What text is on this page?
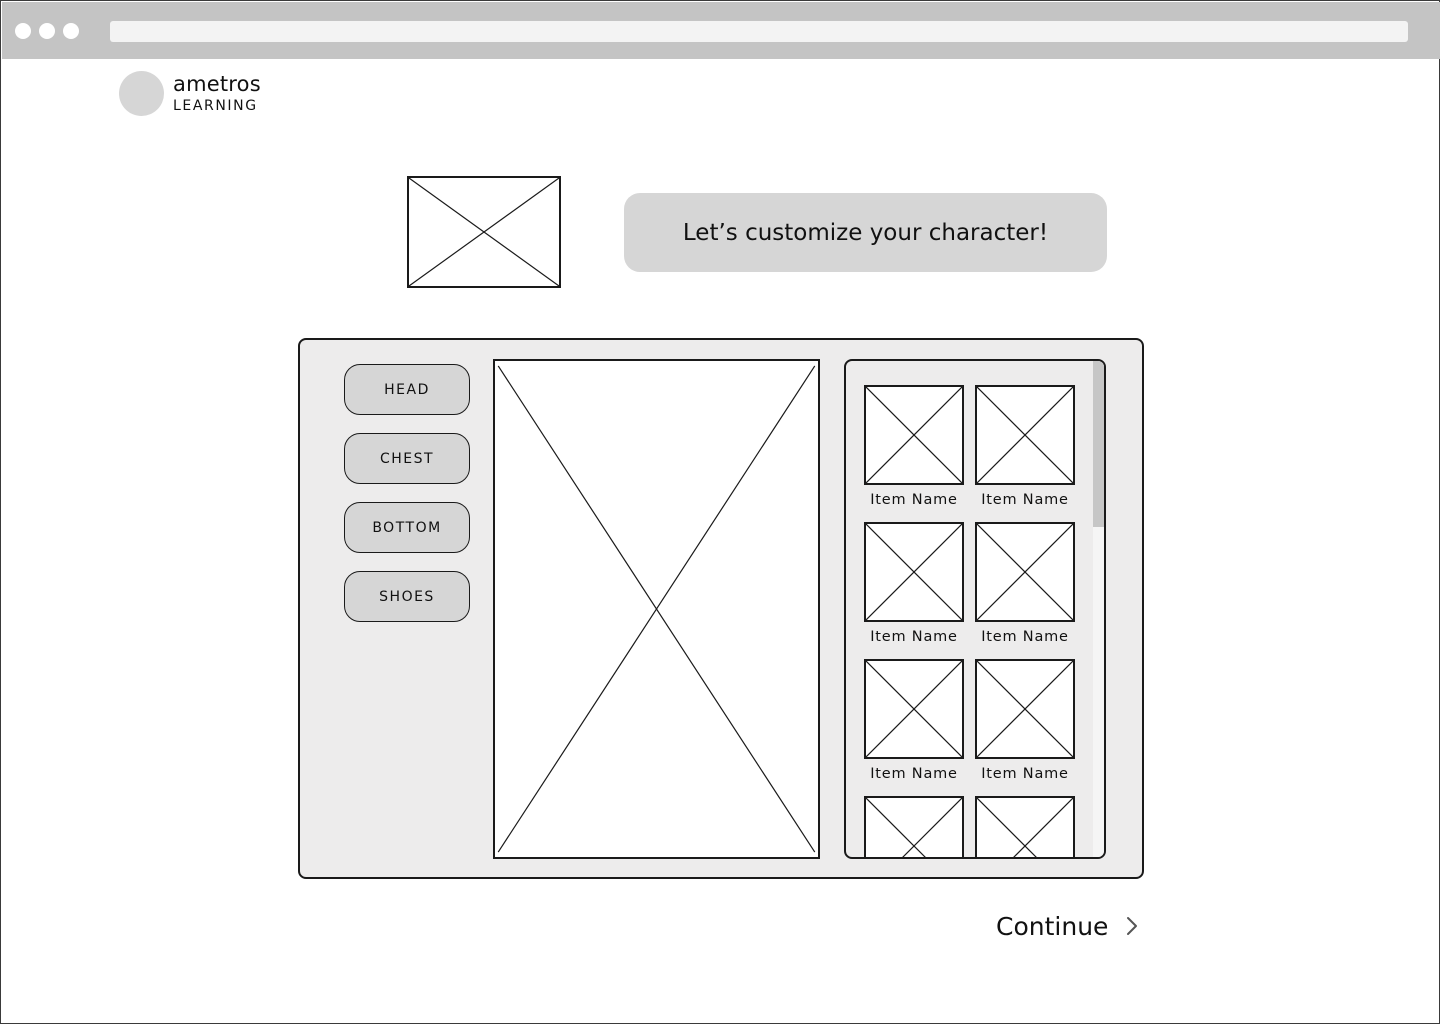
ametros
LEARNING
Let’s customize your character!
HEAD
CHEST
BOTTOM
SHOES
Item Name	Item Name
Item Name	Item Name
Item Name	Item Name
Continue
